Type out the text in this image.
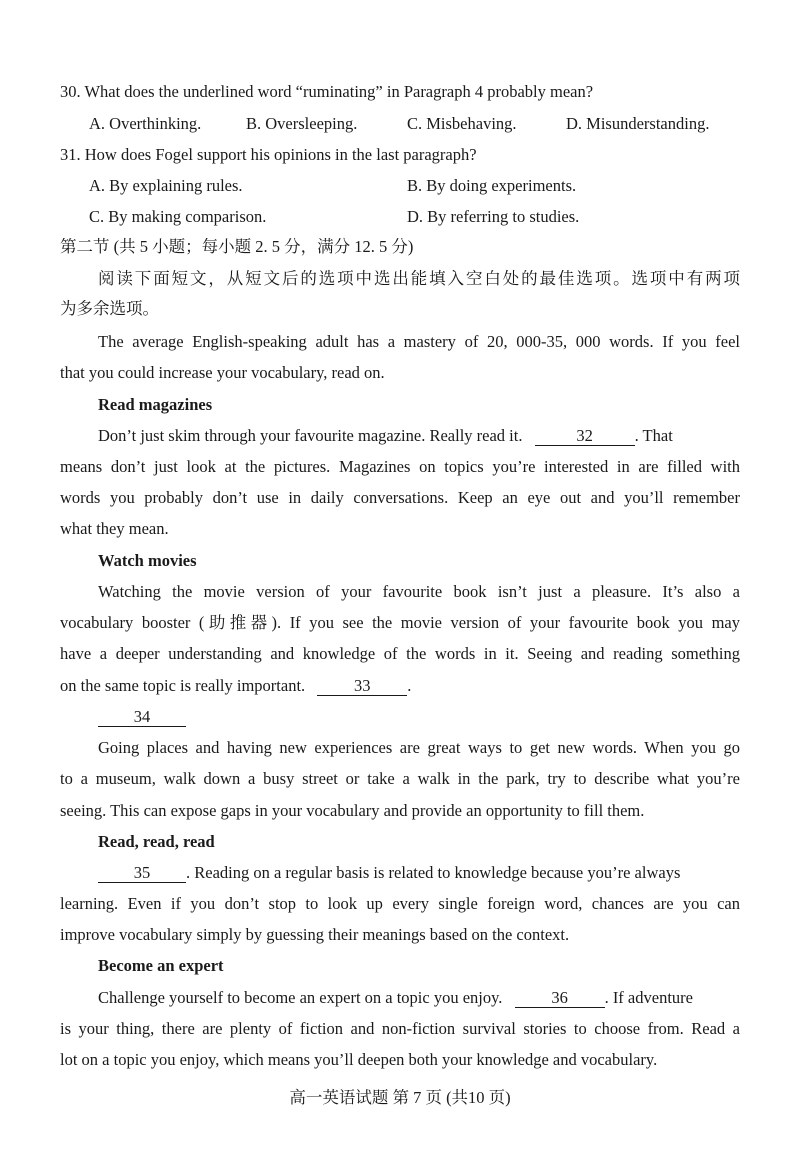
30. What does the underlined word “ruminating” in Paragraph 4 probably mean?
A. Overthinking.	B. Oversleeping.	C. Misbehaving.	D. Misunderstanding.
31. How does Fogel support his opinions in the last paragraph?
A. By explaining rules.	B. By doing experiments.
C. By making comparison.	D. By referring to studies.
第二节 (共 5 小题；每小题 2. 5 分，满分 12. 5 分)
阅读下面短文，从短文后的选项中选出能填入空白处的最佳选项。选项中有两项
为多余选项。
The average English-speaking adult has a mastery of 20, 000-35, 000 words. If you feel
that you could increase your vocabulary, read on.
Read magazines
Don’t just skim through your favourite magazine. Really read it.	32	. That
means don’t just look at the pictures. Magazines on topics you’re interested in are filled with
words you probably don’t use in daily conversations. Keep an eye out and you’ll remember
what they mean.
Watch movies
Watching the movie version of your favourite book isn’t just a pleasure. It’s also a
vocabulary booster (助推器). If you see the movie version of your favourite book you may
have a deeper understanding and knowledge of the words in it. Seeing and reading something
on the same topic is really important.	33 .
34
Going places and having new experiences are great ways to get new words. When you go
to a museum, walk down a busy street or take a walk in the park, try to describe what you’re
seeing. This can expose gaps in your vocabulary and provide an opportunity to fill them.
Read, read, read
35 . Reading on a regular basis is related to knowledge because you’re always
learning. Even if you don’t stop to look up every single foreign word, chances are you can
improve vocabulary simply by guessing their meanings based on the context.
Become an expert
Challenge yourself to become an expert on a topic you enjoy.	36 . If adventure
is your thing, there are plenty of fiction and non-fiction survival stories to choose from. Read a
lot on a topic you enjoy, which means you’ll deepen both your knowledge and vocabulary.
高一英语试题 第 7 页 (共10 页)
